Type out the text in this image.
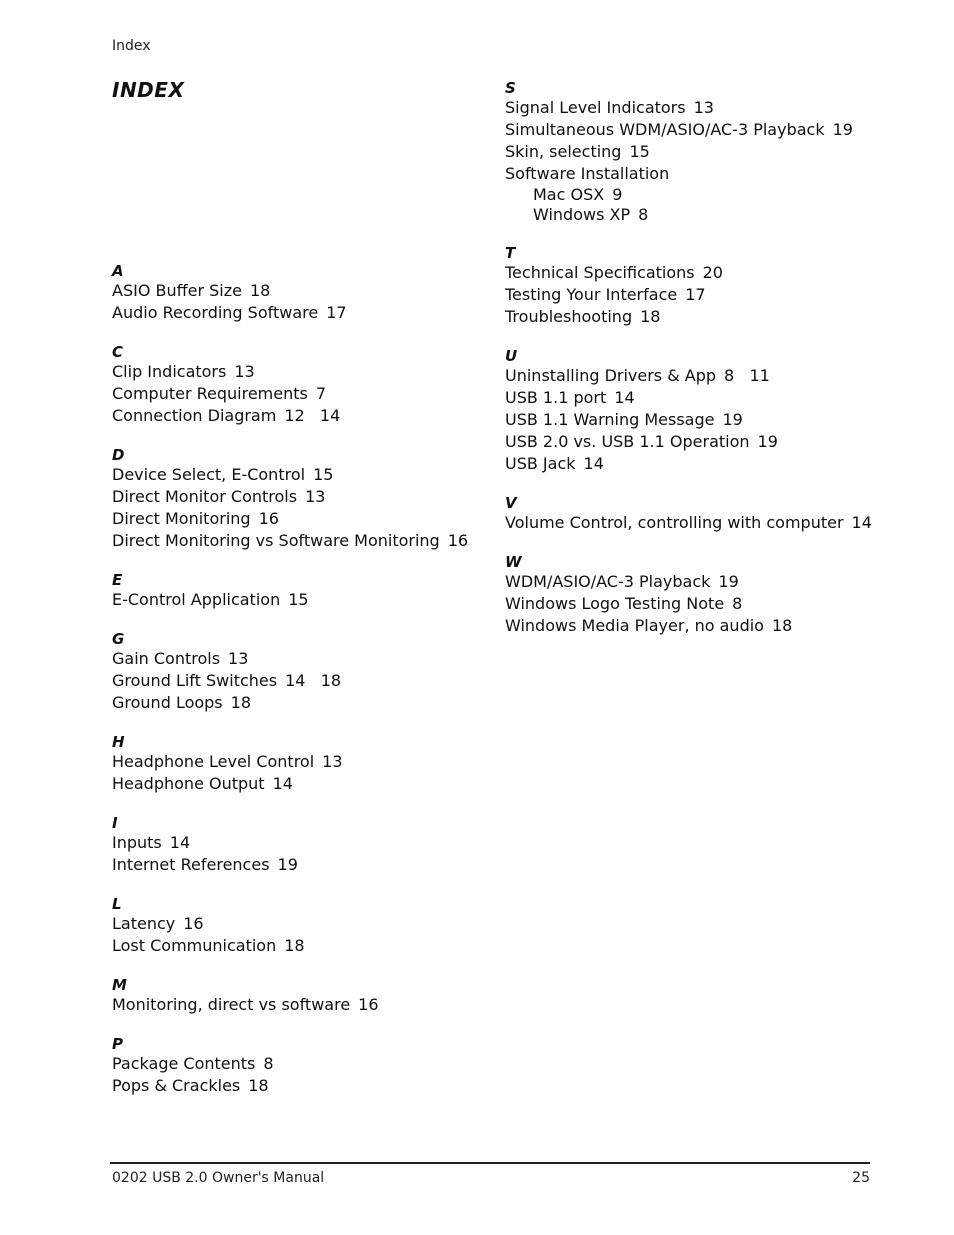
Index
INDEX
A
ASIO Buffer Size 18
Audio Recording Software 17
C
Clip Indicators 13
Computer Requirements 7
Connection Diagram 12   14
D
Device Select, E-Control 15
Direct Monitor Controls 13
Direct Monitoring 16
Direct Monitoring vs Software Monitoring 16
E
E-Control Application 15
G
Gain Controls 13
Ground Lift Switches 14   18
Ground Loops 18
H
Headphone Level Control 13
Headphone Output 14
I
Inputs 14
Internet References 19
L
Latency 16
Lost Communication 18
M
Monitoring, direct vs software 16
P
Package Contents 8
Pops & Crackles 18
S
Signal Level Indicators 13
Simultaneous WDM/ASIO/AC-3 Playback 19
Skin, selecting 15
Software Installation
Mac OSX 9
Windows XP 8
T
Technical Specifications 20
Testing Your Interface 17
Troubleshooting 18
U
Uninstalling Drivers & App 8   11
USB 1.1 port 14
USB 1.1 Warning Message 19
USB 2.0 vs. USB 1.1 Operation 19
USB Jack 14
V
Volume Control, controlling with computer 14
W
WDM/ASIO/AC-3 Playback 19
Windows Logo Testing Note 8
Windows Media Player, no audio 18
0202 USB 2.0 Owner's Manual	25
